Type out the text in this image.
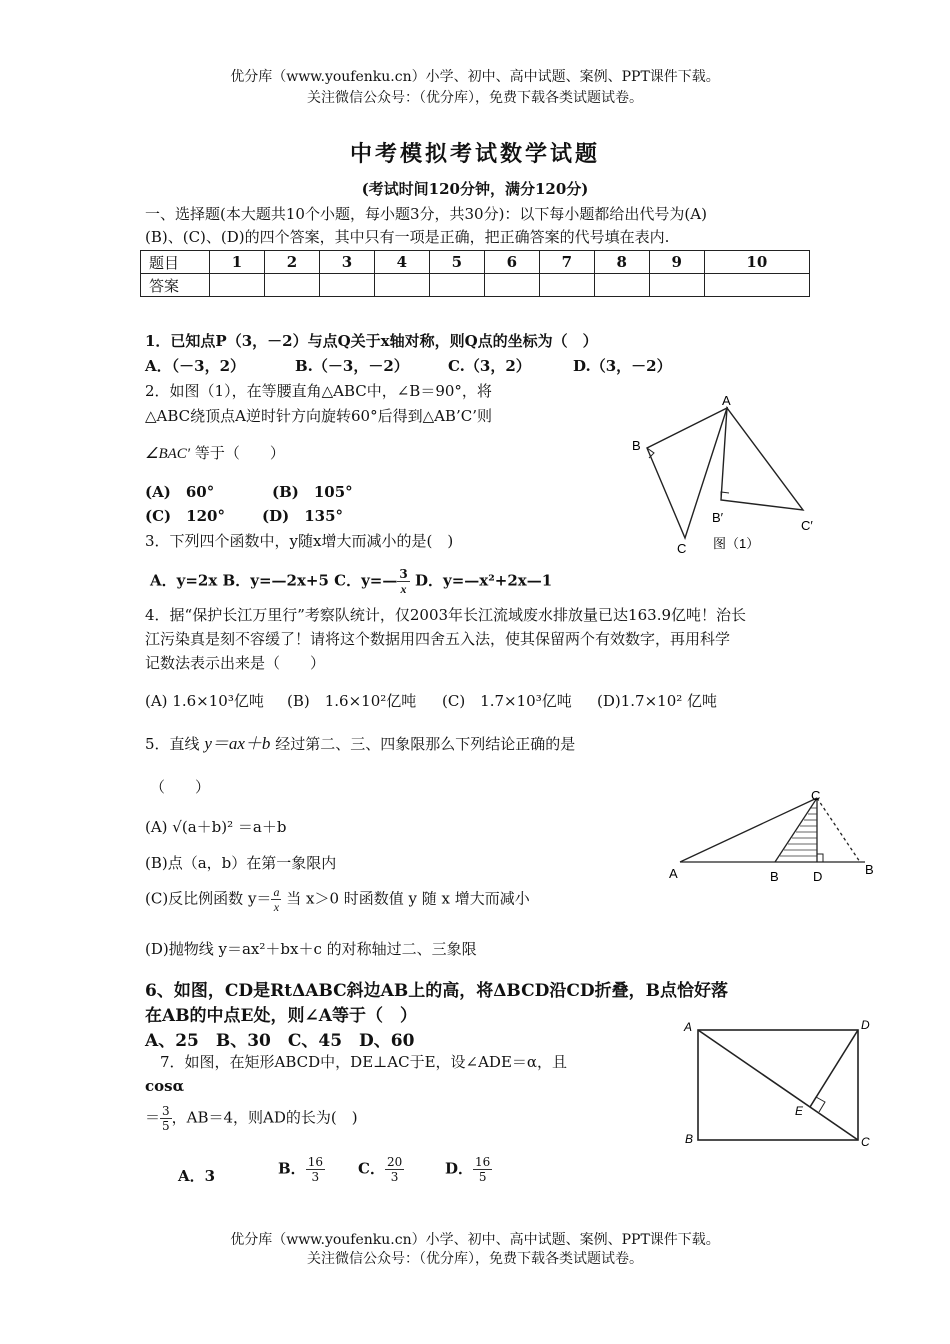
优分库（www.youfenku.cn）小学、初中、高中试题、案例、PPT课件下载。
关注微信公众号：（优分库），免费下载各类试题试卷。
中考模拟考试数学试题
(考试时间120分钟，满分120分)
一、选择题(本大题共10个小题，每小题3分，共30分)：以下每小题都给出代号为(A)
(B)、(C)、(D)的四个答案，其中只有一项是正确，把正确答案的代号填在表内.
题目	1	2	3	4	5	6	7	8	9	10
答案										
1．已知点P（3，－2）与点Q关于x轴对称，则Q点的坐标为（　）
A．（－3，2）	B.（－3，－2）	C.（3，2）	D.（3，－2）
2．如图（1），在等腰直角△ABC中，∠B＝90°，将
△ABC绕顶点A逆时针方向旋转60°后得到△AB’C’则
∠BAC′ 等于（　　）
(A)　60°	(B)　105°
(C)　120° (D)　135°
A
B
C
B′
C′
图（1）
3．下列四个函数中，y随x增大而减小的是(　)
A．y=2x B．y=—2x+5 C．y=— $\frac{3}{x}$ D．y=—x²+2x—1
4．据“保护长江万里行”考察队统计，仅2003年长江流域废水排放量已达163.9亿吨！治长
江污染真是刻不容缓了！请将这个数据用四舍五入法，使其保留两个有效数字，再用科学
记数法表示出来是（　　）
(A) 1.6×10³亿吨 (B)　1.6×10²亿吨 (C)　1.7×10³亿吨 (D)1.7×10² 亿吨
5．直线 y＝ax＋b 经过第二、三、四象限那么下列结论正确的是
（　　）
(A) √(a＋b)² ＝a＋b
(B)点（a，b）在第一象限内
(C)反比例函数 $y= \frac{a}{x}$ 当 x＞0 时函数值 y 随 x 增大而减小
(D)抛物线 y＝ax²＋bx＋c 的对称轴过二、三象限
C
A	B	D	B
6、如图，CD是RtΔABC斜边AB上的高，将ΔBCD沿CD折叠，B点恰好落
在AB的中点E处，则∠A等于（　）
A、25　B、30　C、45　D、60
7．如图，在矩形ABCD中，DE⊥AC于E，设∠ADE＝α，且
cosα
＝ $\frac{3}{5}$ ，AB＝4，则AD的长为(　)
A．3	B． $\frac{16}{3}$ C． $\frac{20}{3}$	D． $\frac{16}{5}$
A	D
B	C
E
优分库（www.youfenku.cn）小学、初中、高中试题、案例、PPT课件下载。
关注微信公众号：（优分库），免费下载各类试题试卷。
